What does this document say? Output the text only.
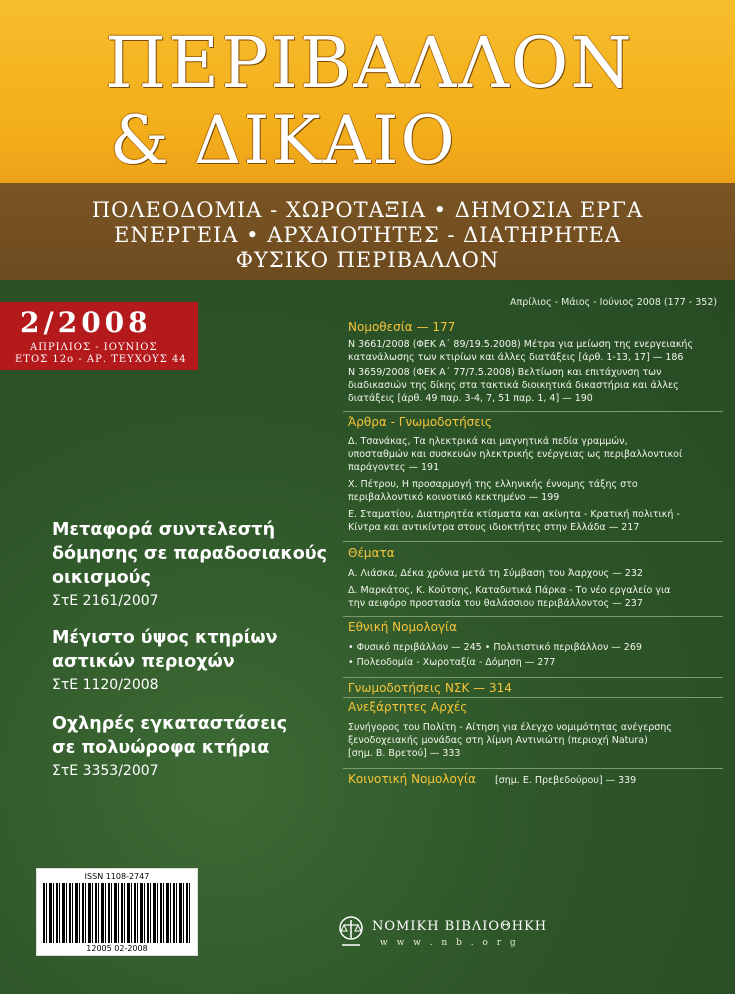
ΠΕΡΙΒΑΛΛΟΝ
& ΔΙΚΑΙΟ
ΠΟΛΕΟΔΟΜΙΑ - ΧΩΡΟΤΑΞΙΑ • ΔΗΜΟΣΙΑ ΕΡΓΑ
ΕΝΕΡΓΕΙΑ • ΑΡΧΑΙΟΤΗΤΕΣ - ΔΙΑΤΗΡΗΤΕΑ
ΦΥΣΙΚΟ ΠΕΡΙΒΑΛΛΟΝ
2/2008
ΑΠΡΙΛΙΟΣ - ΙΟΥΝΙΟΣ
ΕΤΟΣ 12ο - ΑΡ. ΤΕΥΧΟΥΣ 44
Απρίλιος - Μάιος - Ιούνιος 2008 (177 - 352)
Νομοθεσία — 177
Ν 3661/2008 (ΦΕΚ Α΄ 89/19.5.2008) Μέτρα για μείωση της ενεργειακής
κατανάλωσης των κτιρίων και άλλες διατάξεις [άρθ. 1-13, 17] — 186
Ν 3659/2008 (ΦΕΚ Α΄ 77/7.5.2008) Βελτίωση και επιτάχυνση των
διαδικασιών της δίκης στα τακτικά διοικητικά δικαστήρια και άλλες
διατάξεις [άρθ. 49 παρ. 3-4, 7, 51 παρ. 1, 4] — 190
Άρθρα - Γνωμοδοτήσεις
Δ. Τσανάκας, Τα ηλεκτρικά και μαγνητικά πεδία γραμμών,
υποσταθμών και συσκευών ηλεκτρικής ενέργειας ως περιβαλλοντικοί
παράγοντες — 191
Χ. Πέτρου, Η προσαρμογή της ελληνικής έννομης τάξης στο
περιβαλλοντικό κοινοτικό κεκτημένο — 199
Ε. Σταματίου, Διατηρητέα κτίσματα και ακίνητα - Κρατική πολιτική -
Κίντρα και αντικίντρα στους ιδιοκτήτες στην Ελλάδα — 217
Θέματα
Α. Λιάσκα, Δέκα χρόνια μετά τη Σύμβαση του Άαρχους — 232
Δ. Μαρκάτος, Κ. Κούτσης, Καταδυτικά Πάρκα - Το νέο εργαλείο για
την αειφόρο προστασία του θαλάσσιου περιβάλλοντος — 237
Εθνική Νομολογία
• Φυσικό περιβάλλον — 245 • Πολιτιστικό περιβάλλον — 269
• Πολεοδομία - Χωροταξία - Δόμηση — 277
Γνωμοδοτήσεις ΝΣΚ — 314
Ανεξάρτητες Αρχές
Συνήγορος του Πολίτη - Αίτηση για έλεγχο νομιμότητας ανέγερσης
ξενοδοχειακής μονάδας στη λίμνη Αντινιώτη (περιοχή Natura)
[σημ. Β. Βρετού] — 333
Κοινοτική Νομολογία [σημ. Ε. Πρεβεδούρου] — 339
Μεταφορά συντελεστή
δόμησης σε παραδοσιακούς
οικισμούς
ΣτΕ 2161/2007
Μέγιστο ύψος κτηρίων
αστικών περιοχών
ΣτΕ 1120/2008
Οχληρές εγκαταστάσεις
σε πολυώροφα κτήρια
ΣτΕ 3353/2007
ISSN 1108-2747
12005 02-2008
ΝΟΜΙΚΗ ΒΙΒΛΙΟΘΗΚΗ
w w w . n b . o r g
